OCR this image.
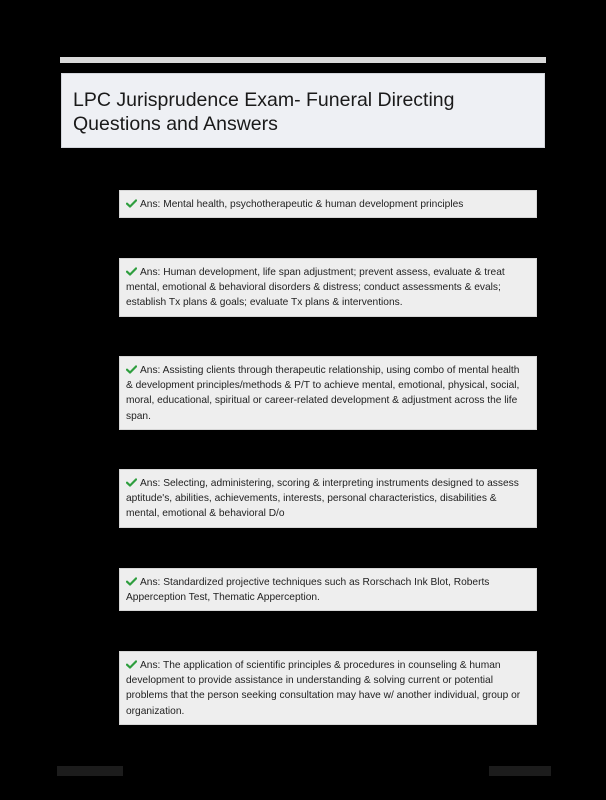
LPC Jurisprudence Exam- Funeral Directing
Questions and Answers
Ans: Mental health, psychotherapeutic & human development principles
Ans: Human development, life span adjustment; prevent assess, evaluate & treat mental, emotional & behavioral disorders & distress; conduct assessments & evals; establish Tx plans & goals; evaluate Tx plans & interventions.
Ans: Assisting clients through therapeutic relationship, using combo of mental health & development principles/methods & P/T to achieve mental, emotional, physical, social, moral, educational, spiritual or career-related development & adjustment across the life span.
Ans: Selecting, administering, scoring & interpreting instruments designed to assess aptitude's, abilities, achievements, interests, personal characteristics, disabilities & mental, emotional & behavioral D/o
Ans: Standardized projective techniques such as Rorschach Ink Blot, Roberts Apperception Test, Thematic Apperception.
Ans: The application of scientific principles & procedures in counseling & human development to provide assistance in understanding & solving current or potential problems that the person seeking consultation may have w/ another individual, group or organization.
